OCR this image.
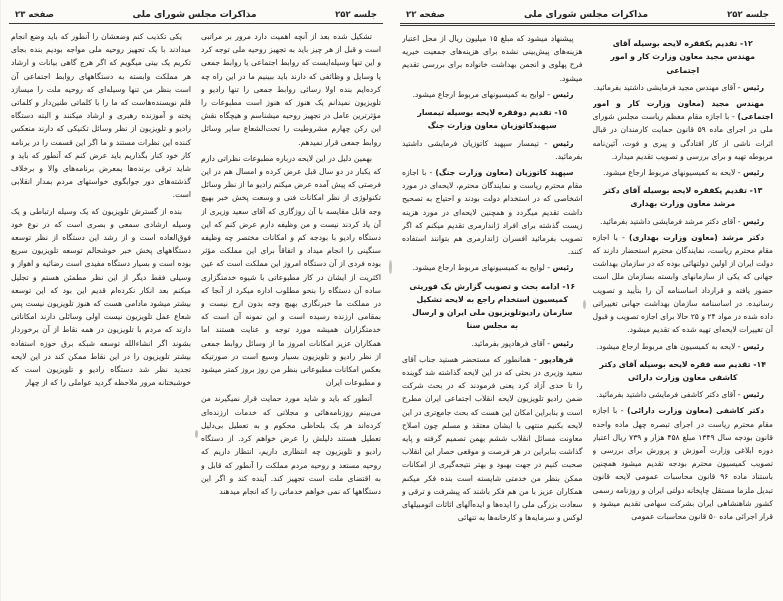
جلسه ۲۵۲
مذاکرات مجلس شورای ملی
صفحه ۲۲
۱۲- تقدیم یکفقره لایحه بوسیله آقای مهندس مجید معاون وزارت کار و امور اجتماعی
رئیس - آقای مهندس مجید فرمایشی داشتید بفرمائید.
مهندس مجید (معاون وزارت کار و امور اجتماعی) - با اجازه مقام معظم ریاست مجلس شورای ملی در اجرای ماده ۵۹ قانون حمایت کارمندان در قبال اثرات ناشی از کار افتادگی و پیری و فوت، آئین‌نامه مربوطه تهیه و برای بررسی و تصویب تقدیم میدارد.
رئیس - لایحه به کمیسیونهای مربوط ارجاع میشود.
۱۳- تقدیم یکفقره لایحه بوسیله آقای دکتر مرشد معاون وزارت بهداری
رئیس - آقای دکتر مرشد فرمایشی داشتید بفرمائید.
دکتر مرشد (معاون وزارت بهداری) - با اجازه مقام محترم ریاست، نمایندگان محترم استحضار دارند که دولت ایران از اولین دولتهائی بوده که در سازمان بهداشت جهانی که یکی از سازمانهای وابسته بسازمان ملل است حضور یافته و قرارداد اساسنامه آن را بتأیید و تصویب رسانیده. در اساسنامه سازمان بهداشت جهانی تغییراتی داده شده در مواد ۲۴ و ۲۵ حالا برای اجازه تصویب و قبول آن تغییرات لایحه‌ای تهیه شده که تقدیم میشود.
رئیس - لایحه به کمیسیون های مربوط ارجاع میشود.
۱۴- تقدیم سه فقره لایحه بوسیله آقای دکتر کاشفی معاون وزارت دارائی
رئیس - آقای دکتر کاشفی فرمایشی داشتید بفرمائید.
دکتر کاشفی (معاون وزارت دارائی) - با اجازه مقام محترم ریاست در اجرای تبصره چهل ماده واحده قانون بودجه سال ۱۳۴۹ مبلغ ۴۵۸ هزار و ۷۳۹ ریال اعتبار دوره ابلاغی وزارت آموزش و پرورش برای بررسی و تصویب کمیسیون محترم بودجه تقدیم میشود همچنین باستناد ماده ۹۶ قانون محاسبات عمومی لایحه قانون تبدیل ملزما مستقل چاپخانه دولتی ایران و روزنامه رسمی کشور شاهنشاهی ایران بشرکت سهامی تقدیم میشود و قرار اجرائی ماده ۵۰ قانون محاسبات عمومی
پیشنهاد میشود که مبلغ ۱۵ میلیون ریال از محل اعتبار هزینه‌های پیش‌بینی نشده برای هزینه‌های جمعیت خیریه فرح پهلوی و انجمن بهداشت خانواده برای بررسی تقدیم میشود.
رئیس - لوایح به کمیسیونهای مربوط ارجاع میشود.
۱۵- تقدیم دوفقره لایحه بوسیله تیمسار سپهبدکاتوزیان معاون وزارت جنگ
رئیس - تیمسار سپهبد کاتوزیان فرمایشی داشتید بفرمائید.
سپهبد کاتوزیان (معاون وزارت جنگ) - با اجازه مقام محترم ریاست و نمایندگان محترم، لایحه‌ای در مورد اشخاصی که در استخدام دولت بودند و احتیاج به تصحیح داشت تقدیم میگردد و همچنین لایحه‌ای در مورد هزینه زیست گذشته برای افراد ژاندارمری تقدیم میکنم که اگر تصویب بفرمائید افسران ژاندارمری هم بتوانند استفاده کنند.
رئیس - لوایح به کمیسیونهای مربوط ارجاع میشود.
۱۶- ادامه بحث و تصویب گزارش یک فوریتی کمیسیون استخدام راجع به لایحه تشکیل سازمان رادیوتلویزیون ملی ایران و ارسال به مجلس سنا
رئیس - آقای فرهادپور بفرمائید.
فرهادپور - همانطور که مستحضر هستید جناب آقای سعید وزیری در بحثی که در این لایحه گذاشته شد گوینده را تا حدی آزاد کرد یعنی فرمودند که در بحث شرکت ضمن رادیو تلویزیون لایحه انقلاب اجتماعی ایران مطرح است و بنابراین امکان این هست که بحث جامع‌تری در این لایحه بکنیم منتهی با ایشان معتقد و مسلم چون اصلاح معاونت مسائل انقلاب ششم بهمن تصمیم گرفته و پایه گذاشت بنابراین در هر فرصت و موقعی حصار این انقلاب صحبت کنیم در جهت بهبود و بهتر نتیجه‌گیری از امکانات ممکن بنظر من خدمتی شایسته است بنده فکر میکنم همکاران عزیز با من هم فکر باشند که پیشرفت و ترقی و سعادت بزرگی ملی را ایده‌ها و ایده‌آلهای اثاثات اتومبیلهای لوکس و سرمایه‌ها و کارخانه‌ها به تنهائی
جلسه ۲۵۲
مذاکرات مجلس شورای ملی
صفحه ۲۳
تشکیل شده بعد از آنچه اهمیت دارد مرور بر مراتبی است و قبل از هر چیز باید به تجهیز روحیه ملی توجه کرد و این تنها وسیله‌ایست که روابط اجتماعی یا روابط جمعی یا وسایل و وظائفی که دارند باید ببینیم ما در این راه چه کرده‌ایم بنده اولا رسائی روابط جمعی را تنها رادیو و تلویزیون نمیدانم یک هنوز که هنوز است مطبوعات را مؤثرترین عامل در تجهیز روحیه میشناسم و هیچگاه نقش این رکن چهارم مشروطیت را تحت‌الشعاع سایر وسائل روابط جمعی قرار نمیدهم.
بهمین دلیل در این لایحه درباره مطبوعات نظراتی دارم که یکبار در دو سال قبل عرض کرده و امسال هم در این فرصتی که پیش آمده عرض میکنم رادیو ما از نظر وسائل تکنولوژی از نظر امکانات فنی و وسعت پخش خبر بهیچ وجه قابل مقایسه با آن روزگاری که آقای سعید وزیری از آن یاد کردند نیست و من وظیفه دارم عرض کنم که این دستگاه رادیو با بودجه کم و امکانات مختصر چه وظیفه سنگینی را انجام میداد و اتفاقاً برای این مملکت مؤثر بوده فردی از آن دستگاه امروز این مملکت است که عین اکثریت از ایشان در کار مطبوعاتی با شیوه خدمتگزاری ساده آن دستگاه را بنحو مطلوب اداره میکرد از آنجا که در مملکت ما خبرنگاری بهیچ وجه بدون ارج نیست و بمقامی ارزنده رسیده است و این نمونه آن است که خدمتگزاران همیشه مورد توجه و عنایت هستند اما همکاران عزیز امکانات امروز ما از وسائل روابط جمعی از نظر رادیو و تلویزیون بسیار وسیع است در صورتیکه بعکس امکانات مطبوعاتی بنظر من روز بروز کمتر میشود و مطبوعات ایران
آنطور که باید و شاید مورد حمایت قرار نمیگیرند من می‌بینم روزنامه‌هائی و مجلاتی که خدمات ارزنده‌ای کرده‌اند هر یک بلحاظی محکوم و به تعطیل بی‌دلیل تعطیل هستند دلیلش را عرض خواهم کرد. از دستگاه رادیو و تلویزیون چه انتظاری داریم، انتظار داریم که روحیه مستعد و روحیه مردم مملکت را آنطور که قابل و به اقتضای ملت است تجهیز کند. آینده کند و اگر این دستگاهها که نمی خواهم خدماتی را که انجام میدهند
یکی تکذیب کنم وضعشان را آنطور که باید وضع انجام میدادند با یک تجهیز روحیه ملی مواجه بودیم بنده بجای تکریم یک بیتی میگویم که اگر هرج گاهی بیانات و ارشاد هر مملکت وابسته به دستگاههای روابط اجتماعی آن است بنظر من تنها وسیله‌ای که روحیه ملت را میسازد قلم نویسنده‌هاست که ما را با کلماتی طنین‌دار و کلماتی پخته و آموزنده رهبری و ارشاد میکنند و البته دستگاه رادیو و تلویزیون از نظر وسائل تکنیکی که دارند منعکس کننده این نظرات مستند و ما اگر این قسمت را در برنامه کار خود کنار بگذاریم باید عرض کنم که آنطور که باید و شاید ترقی برنده‌ها بمعرض برنامه‌های والا و برخلاف گذشته‌های دور جوابگوی خواستهای مردم بمدار انقلابی است.
بنده از گسترش تلویزیون که یک وسیله ارتباطی و یک وسیله ارشادی سمعی و بصری است که در نوع خود فوق‌العاده است و از رشد این دستگاه از نظر توسعه دستگاههای پخش خبر خوشحالم توسعه تلویزیون سریع بوده است و بسیار دستگاه مفیدی است رضائیه و اهواز و وسیلی فقط دیگر از این نظر مطمئن هستم و تجلیل میکنم بعد انکار نکرده‌ام قدیم این بود که این توسعه بیشتر میشود مادامی هست که هنوز تلویزیون نیست پس شعاع عمل تلویزیون نیست اولی وسائلی دارند امکاناتی دارند که مردم با تلویزیون در همه نقاط از آن برخوردار بشوند اگر انشاءالله توسعه شبکه برق حوزه استفاده بیشتر تلویزیون را در این نقاط ممکن کند در این لایحه تجدید نظر شد دستگاه رادیو و تلویزیون است که خوشبختانه مرور ملاحظه گردید عواملی را که از چهار
